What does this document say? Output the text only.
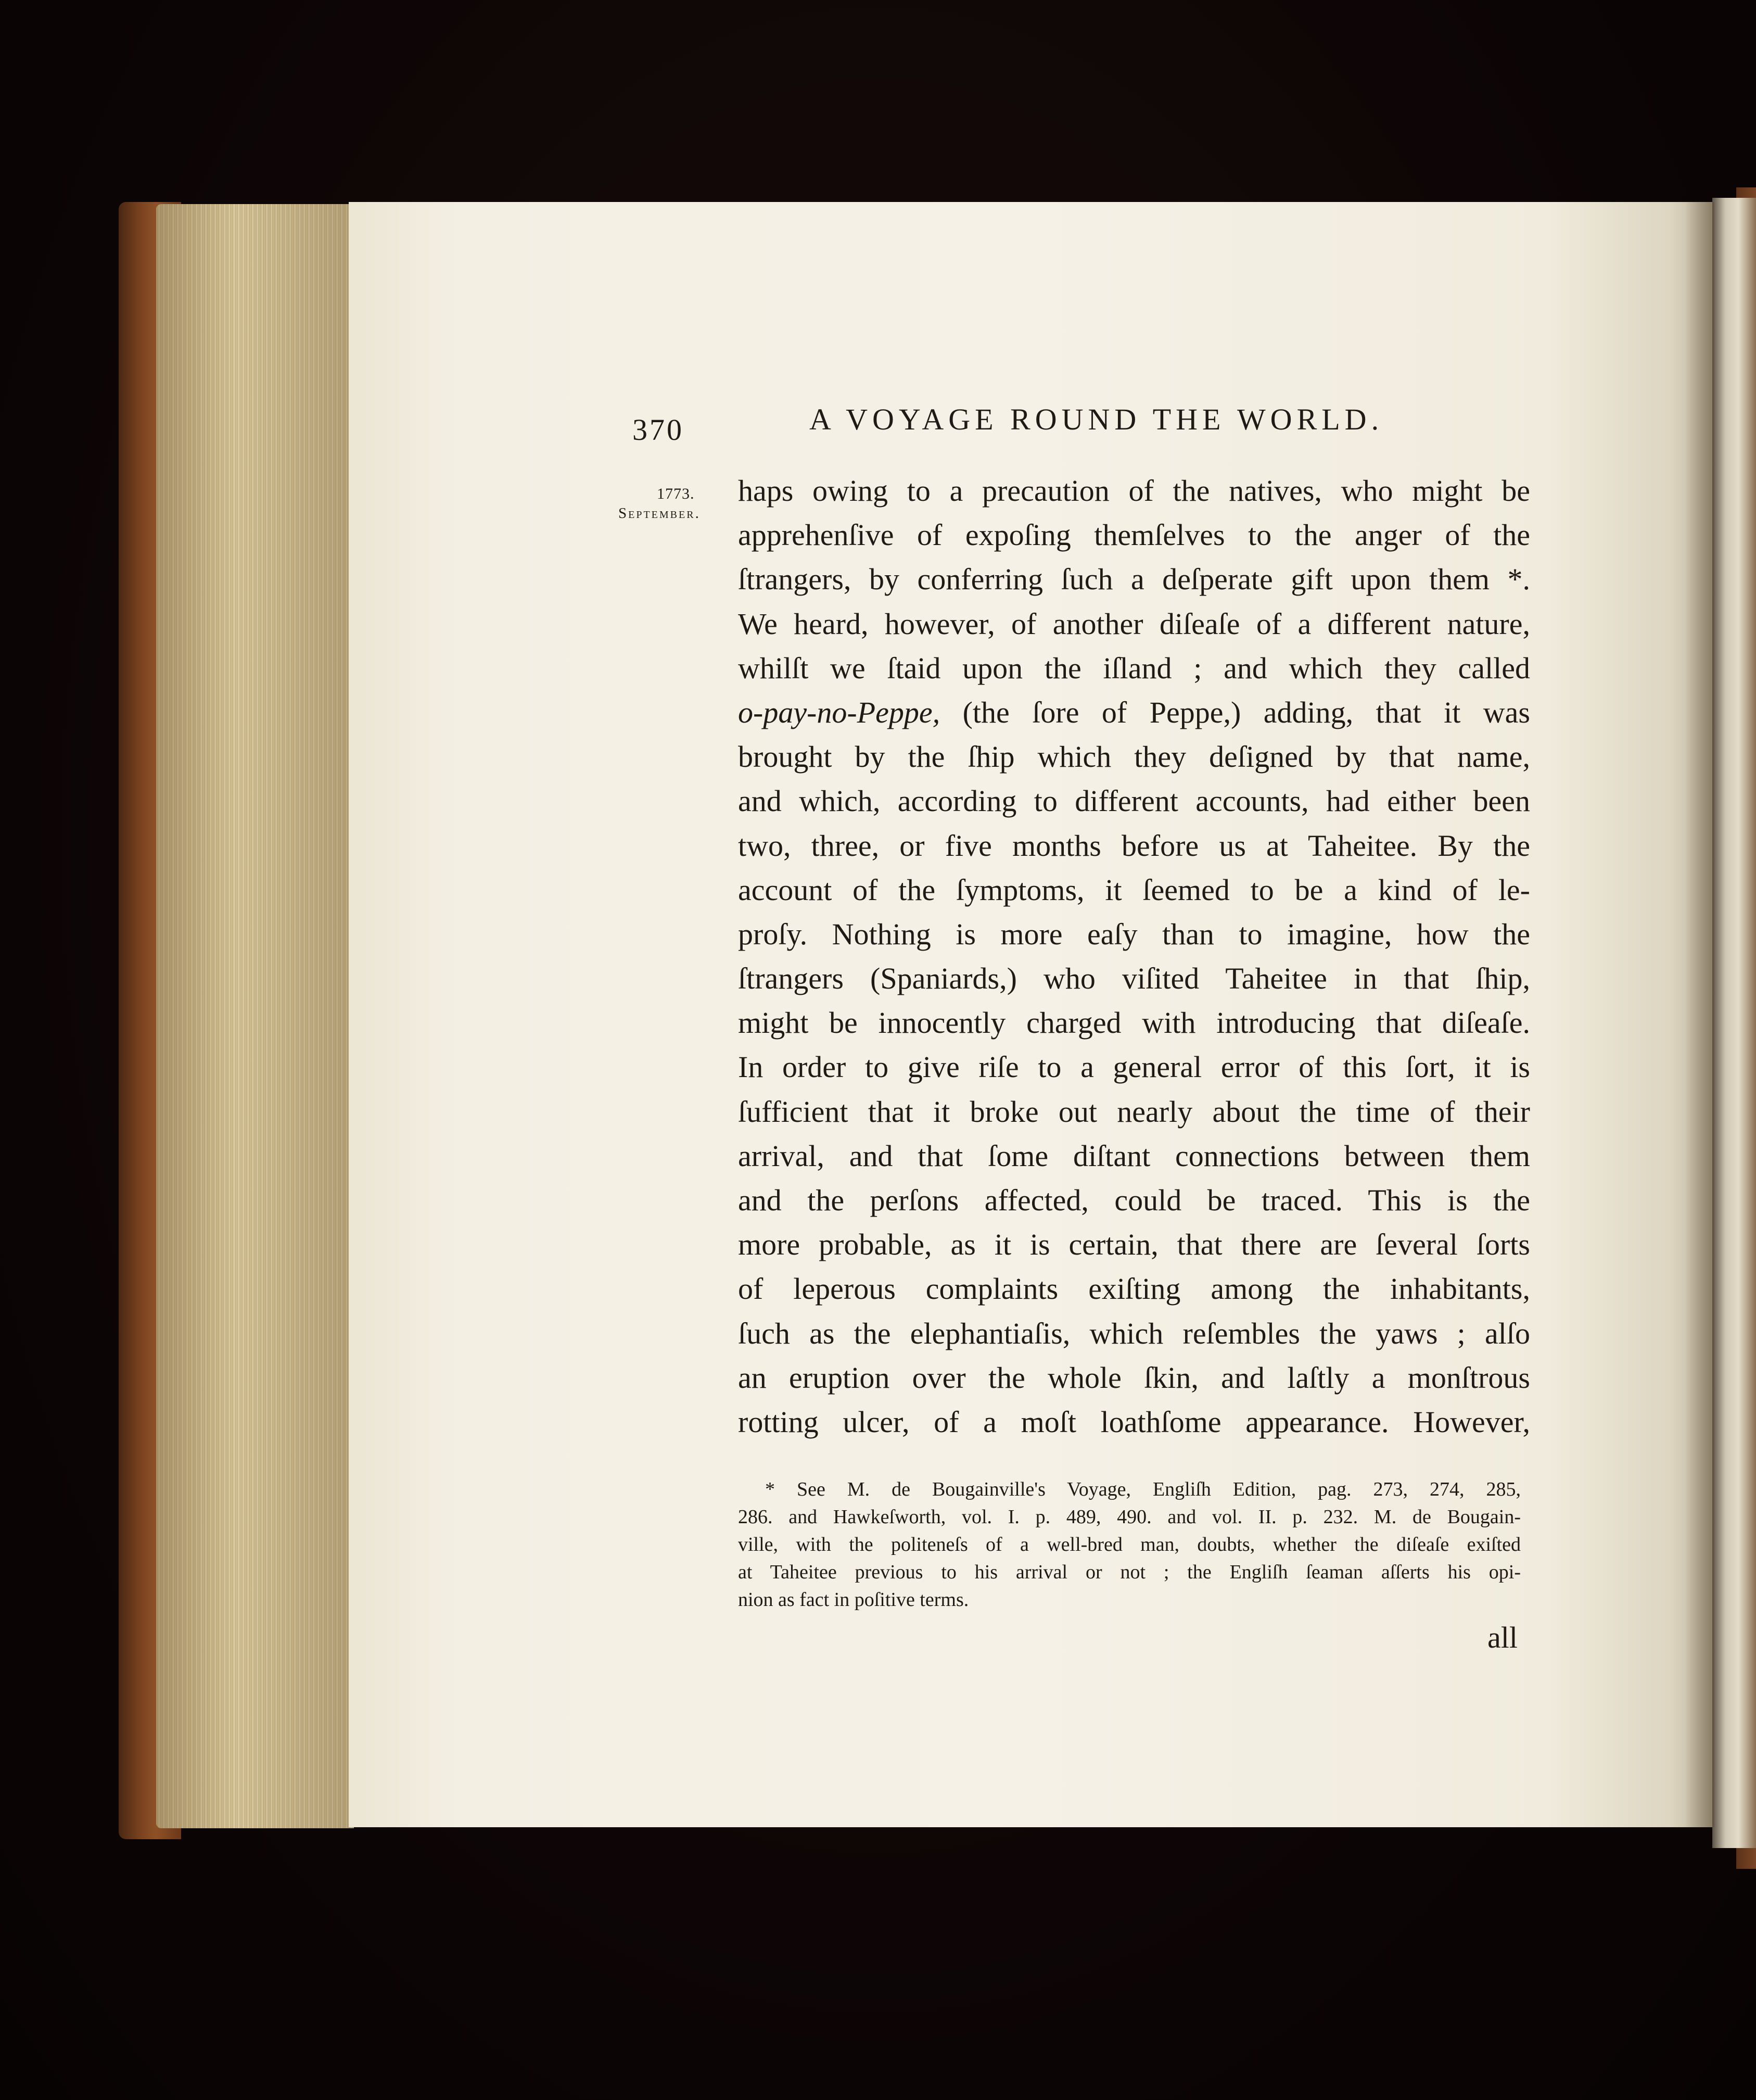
370	A VOYAGE ROUND THE WORLD.
1773.
September.
haps owing to a precaution of the natives, who might be
apprehenſive of expoſing themſelves to the anger of the
ſtrangers, by conferring ſuch a deſperate gift upon them *.
We heard, however, of another diſeaſe of a different nature,
whilſt we ſtaid upon the iſland ; and which they called
o-pay-no-Peppe, (the ſore of Peppe,) adding, that it was
brought by the ſhip which they deſigned by that name,
and which, according to different accounts, had either been
two, three, or five months before us at Taheitee. By the
account of the ſymptoms, it ſeemed to be a kind of le-
proſy. Nothing is more eaſy than to imagine, how the
ſtrangers (Spaniards,) who viſited Taheitee in that ſhip,
might be innocently charged with introducing that diſeaſe.
In order to give riſe to a general error of this ſort, it is
ſufficient that it broke out nearly about the time of their
arrival, and that ſome diſtant connections between them
and the perſons affected, could be traced. This is the
more probable, as it is certain, that there are ſeveral ſorts
of leperous complaints exiſting among the inhabitants,
ſuch as the elephantiaſis, which reſembles the yaws ; alſo
an eruption over the whole ſkin, and laſtly a monſtrous
rotting ulcer, of a moſt loathſome appearance. However,
* See M. de Bougainville's Voyage, Engliſh Edition, pag. 273, 274, 285,
286. and Hawkeſworth, vol. I. p. 489, 490. and vol. II. p. 232. M. de Bougain-
ville, with the politeneſs of a well-bred man, doubts, whether the diſeaſe exiſted
at Taheitee previous to his arrival or not ; the Engliſh ſeaman aſſerts his opi-
nion as fact in poſitive terms.
all
